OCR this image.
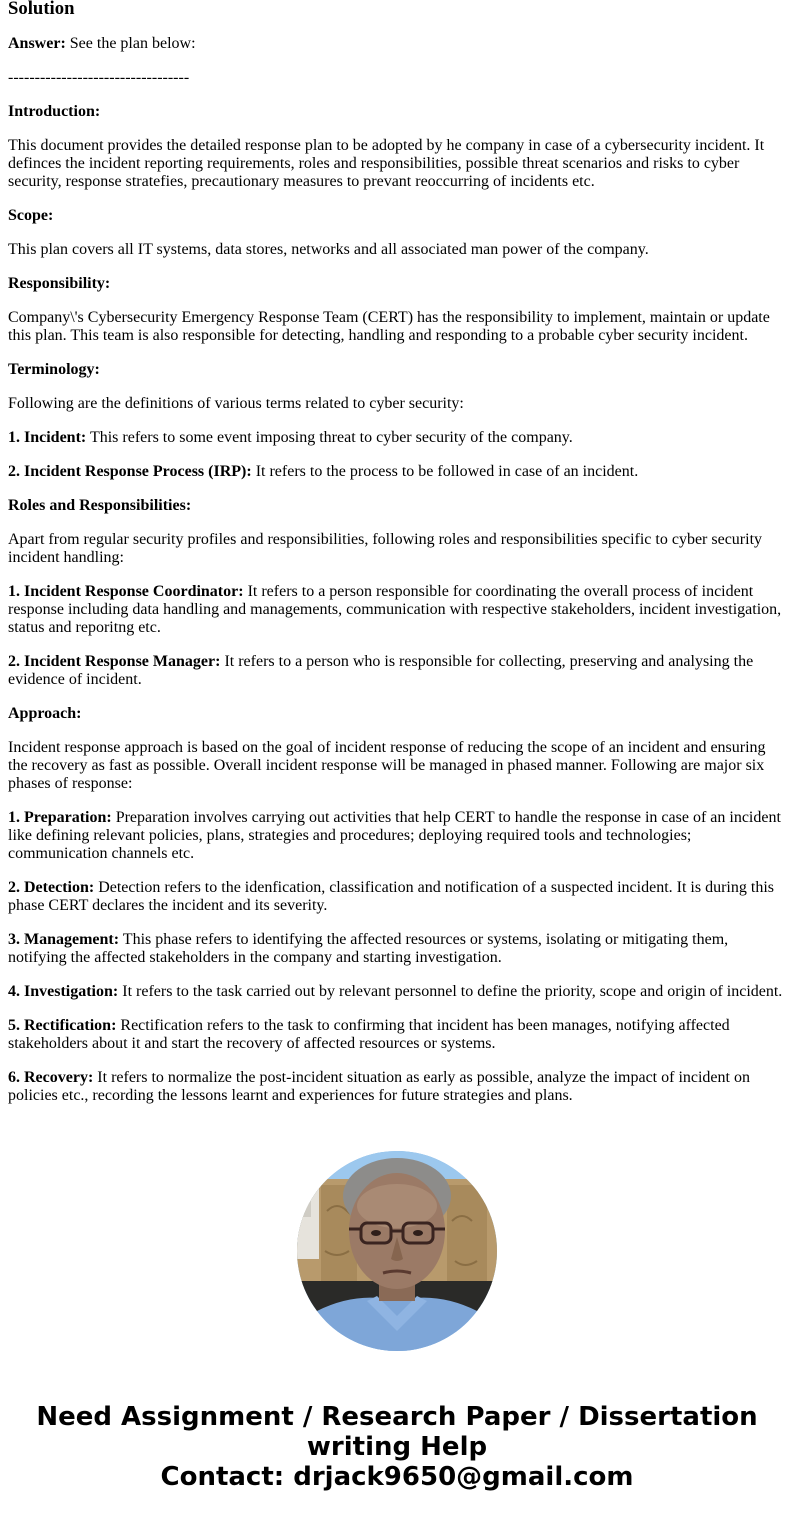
Solution

Answer: See the plan below:

----------------------------------

Introduction:

This document provides the detailed response plan to be adopted by he company in case of a cybersecurity incident. It definces the incident reporting requirements, roles and responsibilities, possible threat scenarios and risks to cyber security, response stratefies, precautionary measures to prevant reoccurring of incidents etc.

Scope:

This plan covers all IT systems, data stores, networks and all associated man power of the company.

Responsibility:

Company\'s Cybersecurity Emergency Response Team (CERT) has the responsibility to implement, maintain or update this plan. This team is also responsible for detecting, handling and responding to a probable cyber security incident.

Terminology:

Following are the definitions of various terms related to cyber security:

1. Incident: This refers to some event imposing threat to cyber security of the company.

2. Incident Response Process (IRP): It refers to the process to be followed in case of an incident.

Roles and Responsibilities:

Apart from regular security profiles and responsibilities, following roles and responsibilities specific to cyber security incident handling:

1. Incident Response Coordinator: It refers to a person responsible for coordinating the overall process of incident response including data handling and managements, communication with respective stakeholders, incident investigation, status and reporitng etc.

2. Incident Response Manager: It refers to a person who is responsible for collecting, preserving and analysing the evidence of incident.

Approach:

Incident response approach is based on the goal of incident response of reducing the scope of an incident and ensuring the recovery as fast as possible. Overall incident response will be managed in phased manner. Following are major six phases of response:

1. Preparation: Preparation involves carrying out activities that help CERT to handle the response in case of an incident like defining relevant policies, plans, strategies and procedures; deploying required tools and technologies; communication channels etc.

2. Detection: Detection refers to the idenfication, classification and notification of a suspected incident. It is during this phase CERT declares the incident and its severity.

3. Management: This phase refers to identifying the affected resources or systems, isolating or mitigating them, notifying the affected stakeholders in the company and starting investigation.

4. Investigation: It refers to the task carried out by relevant personnel to define the priority, scope and origin of incident.

5. Rectification: Rectification refers to the task to confirming that incident has been manages, notifying affected stakeholders about it and start the recovery of affected resources or systems.

6. Recovery: It refers to normalize the post-incident situation as early as possible, analyze the impact of incident on policies etc., recording the lessons learnt and experiences for future strategies and plans.

Need Assignment / Research Paper / Dissertation
writing Help
Contact: drjack9650@gmail.com
